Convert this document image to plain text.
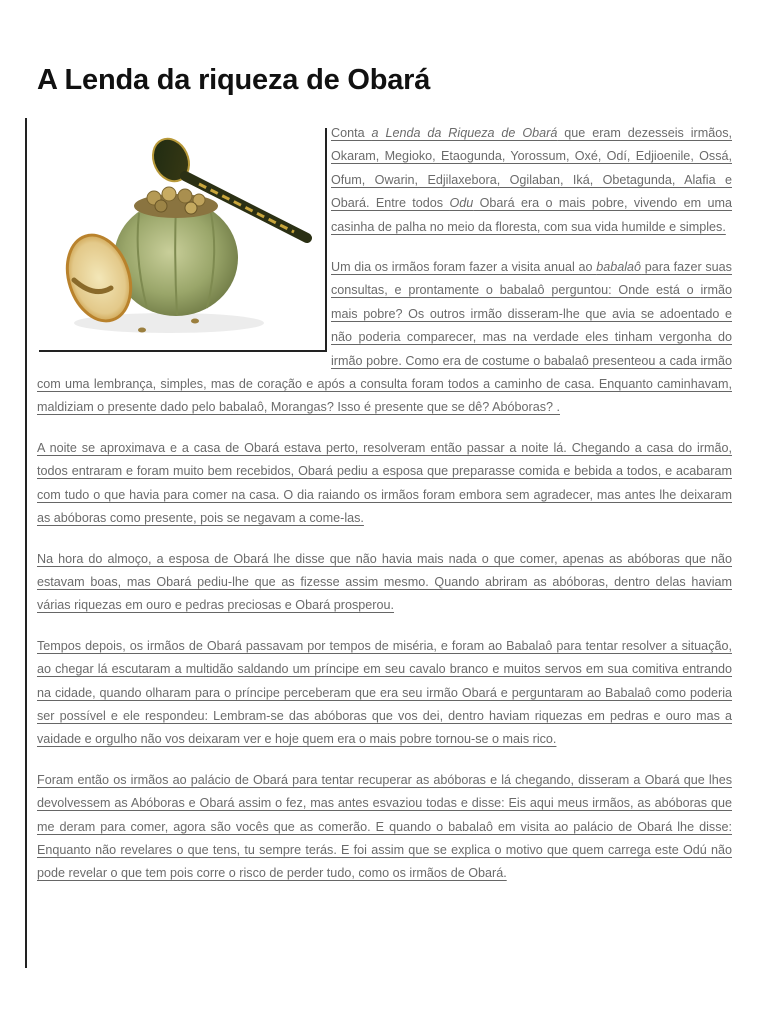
A Lenda da riqueza de Obará

Conta a Lenda da Riqueza de Obará que eram dezesseis irmãos, Okaram, Megioko, Etaogunda, Yorossum, Oxé, Odí, Edjioenile, Ossá, Ofum, Owarin, Edjilaxebora, Ogilaban, Iká, Obetagunda, Alafia e Obará. Entre todos Odu Obará era o mais pobre, vivendo em uma casinha de palha no meio da floresta, com sua vida humilde e simples.

Um dia os irmãos foram fazer a visita anual ao babalaô para fazer suas consultas, e prontamente o babalaô perguntou: Onde está o irmão mais pobre? Os outros irmão disseram-lhe que avia se adoentado e não poderia comparecer, mas na verdade eles tinham vergonha do irmão pobre. Como era de costume o babalaô presenteou a cada irmão com uma lembrança, simples, mas de coração e após a consulta foram todos a caminho de casa. Enquanto caminhavam, maldiziam o presente dado pelo babalaô, Morangas? Isso é presente que se dê? Abóboras? .

A noite se aproximava e a casa de Obará estava perto, resolveram então passar a noite lá. Chegando a casa do irmão, todos entraram e foram muito bem recebidos, Obará pediu a esposa que preparasse comida e bebida a todos, e acabaram com tudo o que havia para comer na casa. O dia raiando os irmãos foram embora sem agradecer, mas antes lhe deixaram as abóboras como presente, pois se negavam a come-las.

Na hora do almoço, a esposa de Obará lhe disse que não havia mais nada o que comer, apenas as abóboras que não estavam boas, mas Obará pediu-lhe que as fizesse assim mesmo. Quando abriram as abóboras, dentro delas haviam várias riquezas em ouro e pedras preciosas e Obará prosperou.

Tempos depois, os irmãos de Obará passavam por tempos de miséria, e foram ao Babalaô para tentar resolver a situação, ao chegar lá escutaram a multidão saldando um príncipe em seu cavalo branco e muitos servos em sua comitiva entrando na cidade, quando olharam para o príncipe perceberam que era seu irmão Obará e perguntaram ao Babalaô como poderia ser possível e ele respondeu: Lembram-se das abóboras que vos dei, dentro haviam riquezas em pedras e ouro mas a vaidade e orgulho não vos deixaram ver e hoje quem era o mais pobre tornou-se o mais rico.

Foram então os irmãos ao palácio de Obará para tentar recuperar as abóboras e lá chegando, disseram a Obará que lhes devolvessem as Abóboras e Obará assim o fez, mas antes esvaziou todas e disse: Eis aqui meus irmãos, as abóboras que me deram para comer, agora são vocês que as comerão. E quando o babalaô em visita ao palácio de Obará lhe disse: Enquanto não revelares o que tens, tu sempre terás. E foi assim que se explica o motivo que quem carrega este Odú não pode revelar o que tem pois corre o risco de perder tudo, como os irmãos de Obará.
